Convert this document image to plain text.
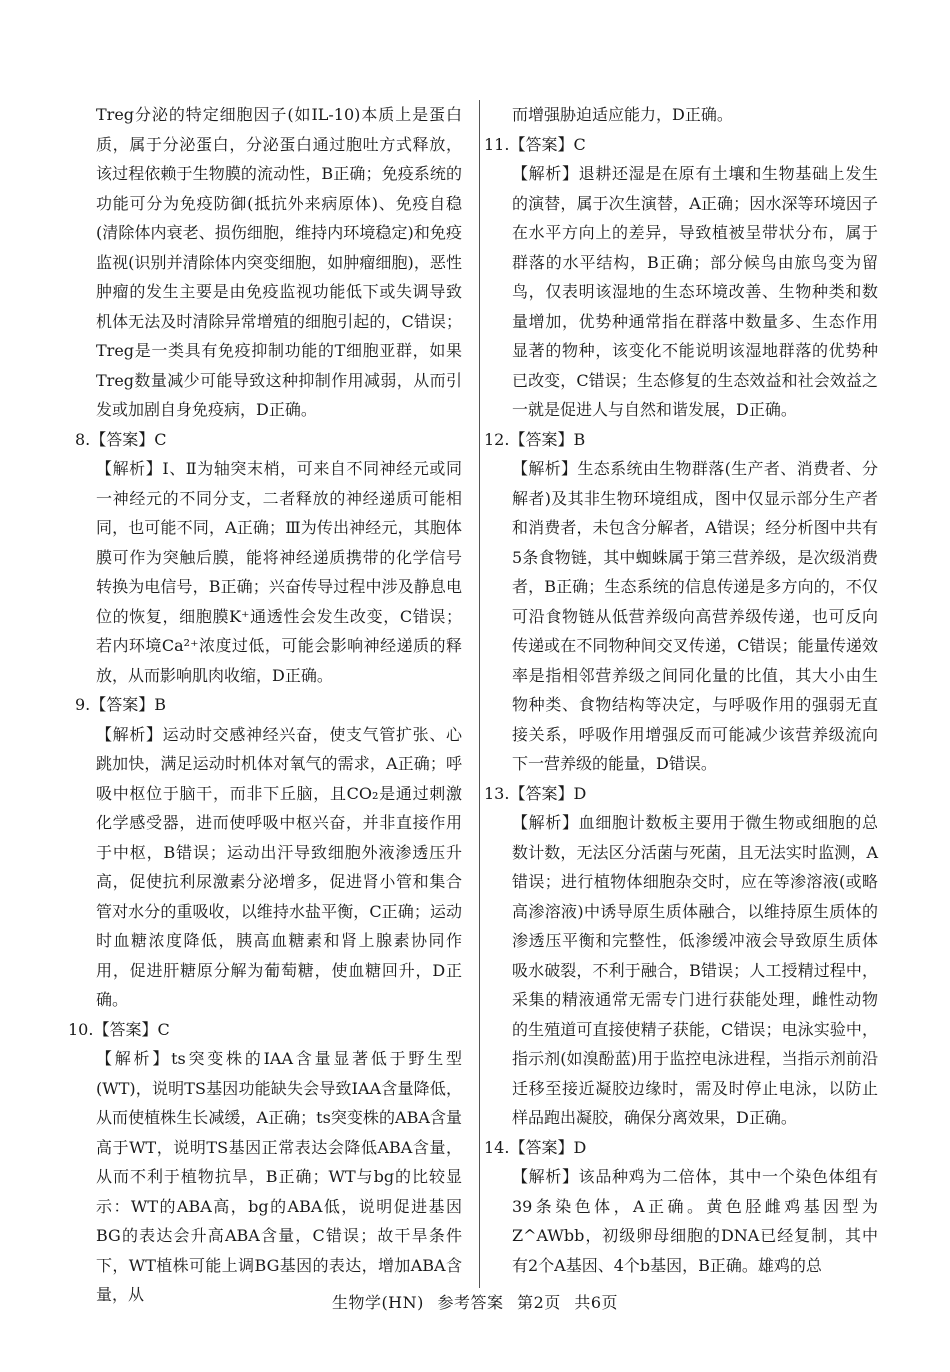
Treg分泌的特定细胞因子(如IL-10)本质上是蛋白质，属于分泌蛋白，分泌蛋白通过胞吐方式释放，该过程依赖于生物膜的流动性，B正确；免疫系统的功能可分为免疫防御(抵抗外来病原体)、免疫自稳(清除体内衰老、损伤细胞，维持内环境稳定)和免疫监视(识别并清除体内突变细胞，如肿瘤细胞)，恶性肿瘤的发生主要是由免疫监视功能低下或失调导致机体无法及时清除异常增殖的细胞引起的，C错误；Treg是一类具有免疫抑制功能的T细胞亚群，如果Treg数量减少可能导致这种抑制作用减弱，从而引发或加剧自身免疫病，D正确。

8.【答案】C

【解析】Ⅰ、Ⅱ为轴突末梢，可来自不同神经元或同一神经元的不同分支，二者释放的神经递质可能相同，也可能不同，A正确；Ⅲ为传出神经元，其胞体膜可作为突触后膜，能将神经递质携带的化学信号转换为电信号，B正确；兴奋传导过程中涉及静息电位的恢复，细胞膜K⁺通透性会发生改变，C错误；若内环境Ca²⁺浓度过低，可能会影响神经递质的释放，从而影响肌肉收缩，D正确。

9.【答案】B

【解析】运动时交感神经兴奋，使支气管扩张、心跳加快，满足运动时机体对氧气的需求，A正确；呼吸中枢位于脑干，而非下丘脑，且CO₂是通过刺激化学感受器，进而使呼吸中枢兴奋，并非直接作用于中枢，B错误；运动出汗导致细胞外液渗透压升高，促使抗利尿激素分泌增多，促进肾小管和集合管对水分的重吸收，以维持水盐平衡，C正确；运动时血糖浓度降低，胰高血糖素和肾上腺素协同作用，促进肝糖原分解为葡萄糖，使血糖回升，D正确。

10.【答案】C

【解析】ts突变株的IAA含量显著低于野生型(WT)，说明TS基因功能缺失会导致IAA含量降低，从而使植株生长减缓，A正确；ts突变株的ABA含量高于WT，说明TS基因正常表达会降低ABA含量，从而不利于植物抗旱，B正确；WT与bg的比较显示：WT的ABA高，bg的ABA低，说明促进基因BG的表达会升高ABA含量，C错误；故干旱条件下，WT植株可能上调BG基因的表达，增加ABA含量，从

而增强胁迫适应能力，D正确。

11.【答案】C

【解析】退耕还湿是在原有土壤和生物基础上发生的演替，属于次生演替，A正确；因水深等环境因子在水平方向上的差异，导致植被呈带状分布，属于群落的水平结构，B正确；部分候鸟由旅鸟变为留鸟，仅表明该湿地的生态环境改善、生物种类和数量增加，优势种通常指在群落中数量多、生态作用显著的物种，该变化不能说明该湿地群落的优势种已改变，C错误；生态修复的生态效益和社会效益之一就是促进人与自然和谐发展，D正确。

12.【答案】B

【解析】生态系统由生物群落(生产者、消费者、分解者)及其非生物环境组成，图中仅显示部分生产者和消费者，未包含分解者，A错误；经分析图中共有5条食物链，其中蜘蛛属于第三营养级，是次级消费者，B正确；生态系统的信息传递是多方向的，不仅可沿食物链从低营养级向高营养级传递，也可反向传递或在不同物种间交叉传递，C错误；能量传递效率是指相邻营养级之间同化量的比值，其大小由生物种类、食物结构等决定，与呼吸作用的强弱无直接关系，呼吸作用增强反而可能减少该营养级流向下一营养级的能量，D错误。

13.【答案】D

【解析】血细胞计数板主要用于微生物或细胞的总数计数，无法区分活菌与死菌，且无法实时监测，A错误；进行植物体细胞杂交时，应在等渗溶液(或略高渗溶液)中诱导原生质体融合，以维持原生质体的渗透压平衡和完整性，低渗缓冲液会导致原生质体吸水破裂，不利于融合，B错误；人工授精过程中，采集的精液通常无需专门进行获能处理，雌性动物的生殖道可直接使精子获能，C错误；电泳实验中，指示剂(如溴酚蓝)用于监控电泳进程，当指示剂前沿迁移至接近凝胶边缘时，需及时停止电泳，以防止样品跑出凝胶，确保分离效果，D正确。

14.【答案】D

【解析】该品种鸡为二倍体，其中一个染色体组有39条染色体，A正确。黄色胫雌鸡基因型为Z^AWbb，初级卵母细胞的DNA已经复制，其中有2个A基因、4个b基因，B正确。雄鸡的总

生物学(HN) 参考答案 第2页 共6页
